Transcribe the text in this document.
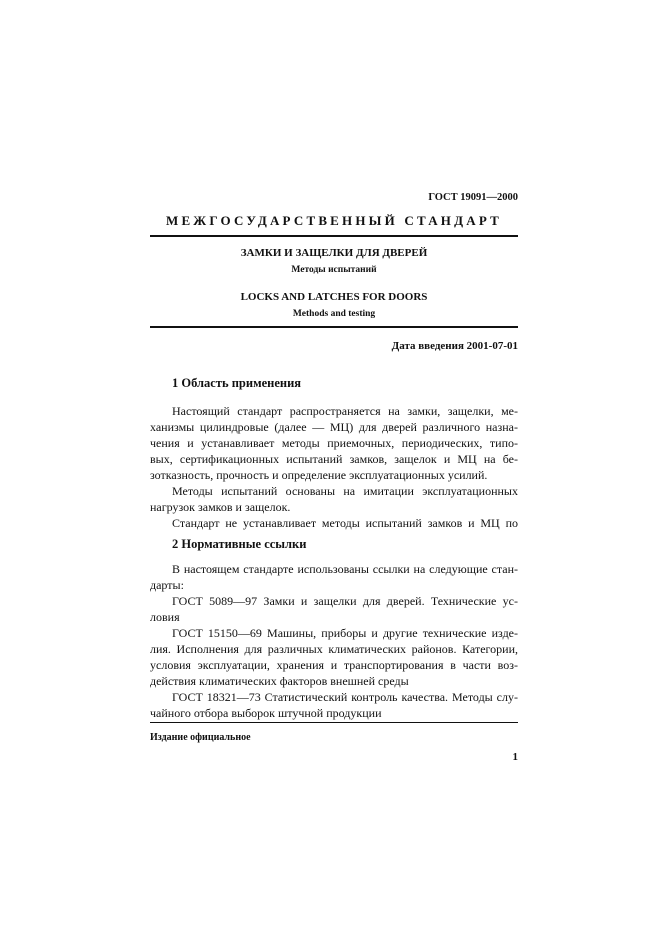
ГОСТ 19091—2000
МЕЖГОСУДАРСТВЕННЫЙ СТАНДАРТ
ЗАМКИ И ЗАЩЕЛКИ ДЛЯ ДВЕРЕЙ
Методы испытаний
LOCKS AND LATCHES FOR DOORS
Methods and testing
Дата введения 2001-07-01
1 Область применения
Настоящий стандарт распространяется на замки, защелки, ме-
ханизмы цилиндровые (далее — МЦ) для дверей различного назна-
чения и устанавливает методы приемочных, периодических, типо-
вых, сертификационных испытаний замков, защелок и МЦ на бе-
зотказность, прочность и определение эксплуатационных усилий.
Методы испытаний основаны на имитации эксплуатационных
нагрузок замков и защелок.
Стандарт не устанавливает методы испытаний замков и МЦ по
2 Нормативные ссылки
В настоящем стандарте использованы ссылки на следующие стан-
дарты:
ГОСТ 5089—97 Замки и защелки для дверей. Технические ус-
ловия
ГОСТ 15150—69 Машины, приборы и другие технические изде-
лия. Исполнения для различных климатических районов. Категории,
условия эксплуатации, хранения и транспортирования в части воз-
действия климатических факторов внешней среды
ГОСТ 18321—73 Статистический контроль качества. Методы слу-
чайного отбора выборок штучной продукции
Издание официальное
1
